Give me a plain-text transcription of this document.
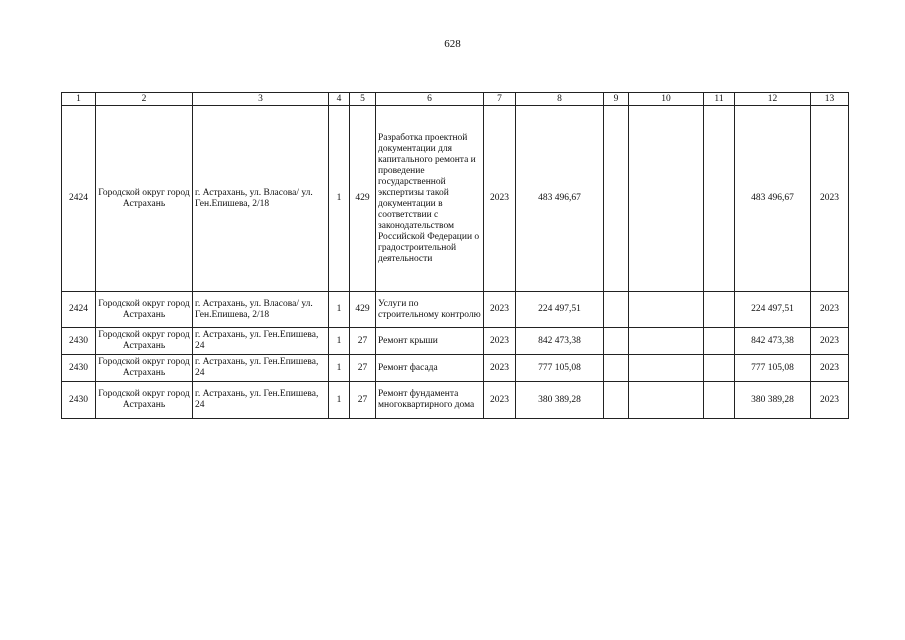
628
1	2	3	4	5	6	7	8	9	10	11	12	13
2424	Городской округ город Астрахань	г. Астрахань, ул. Власова/ ул. Ген.Епишева, 2/18	1	429	Разработка проектной документации для капитального ремонта и проведение государственной экспертизы такой документации в соответствии с законодательством Российской Федерации о градостроительной деятельности	2023	483 496,67				483 496,67	2023
2424	Городской округ город Астрахань	г. Астрахань, ул. Власова/ ул. Ген.Епишева, 2/18	1	429	Услуги по строительному контролю	2023	224 497,51				224 497,51	2023
2430	Городской округ город Астрахань	г. Астрахань, ул. Ген.Епишева, 24	1	27	Ремонт крыши	2023	842 473,38				842 473,38	2023
2430	Городской округ город Астрахань	г. Астрахань, ул. Ген.Епишева, 24	1	27	Ремонт фасада	2023	777 105,08				777 105,08	2023
2430	Городской округ город Астрахань	г. Астрахань, ул. Ген.Епишева, 24	1	27	Ремонт фундамента многоквартирного дома	2023	380 389,28				380 389,28	2023
